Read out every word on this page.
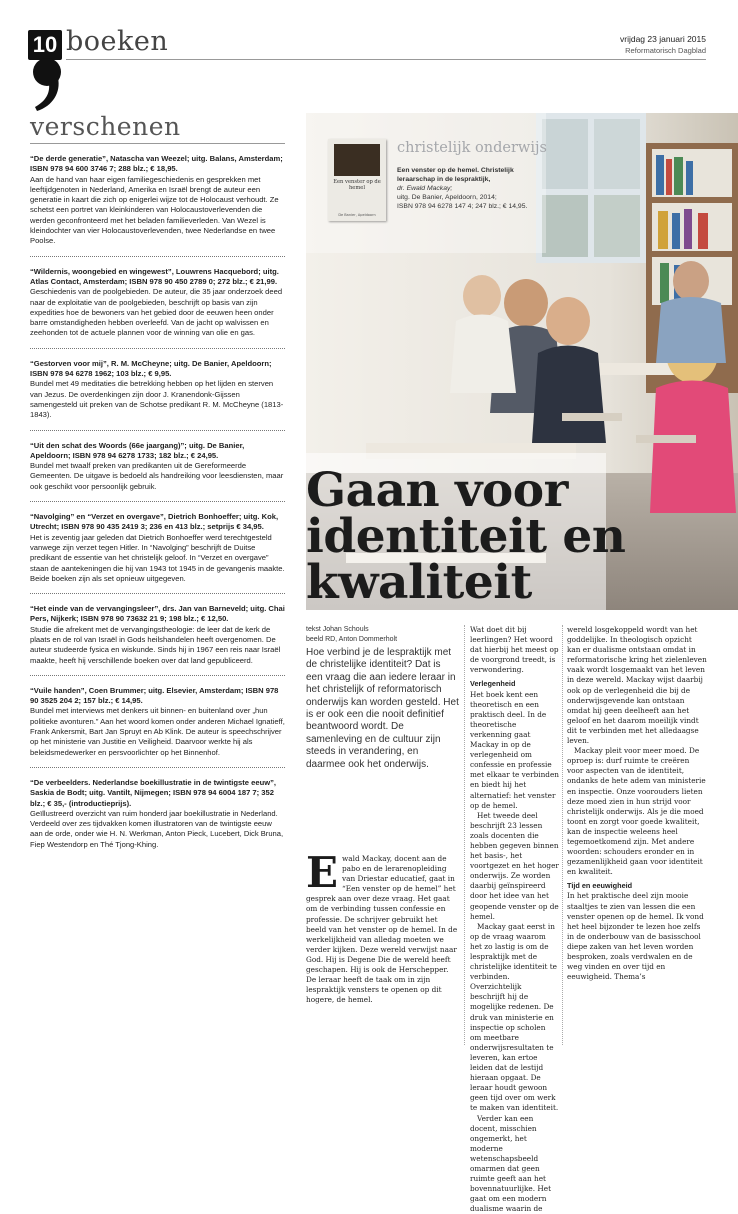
10 boeken	vrijdag 23 januari 2015
Reformatorisch Dagblad
verschenen
“De derde generatie”, Natascha van Weezel; uitg. Balans, Amsterdam; ISBN 978 94 600 3746 7; 288 blz.; € 18,95.
Aan de hand van haar eigen familiegeschiedenis en gesprekken met leeftijdgenoten in Nederland, Amerika en Israël brengt de auteur een generatie in kaart die zich op enigerlei wijze tot de Holocaust verhoudt. Ze schetst een portret van kleinkinderen van Holocaustoverlevenden die werden geconfronteerd met het beladen familieverleden. Van Wezel is kleindochter van vier Holocaustoverlevenden, twee Nederlandse en twee Poolse.
“Wildernis, woongebied en wingewest”, Louwrens Hacquebord; uitg. Atlas Contact, Amsterdam; ISBN 978 90 450 2789 0; 272 blz.; € 21,99.
Geschiedenis van de poolgebieden. De auteur, die 35 jaar onderzoek deed naar de exploitatie van de poolgebieden, beschrijft op basis van zijn expedities hoe de bewoners van het gebied door de eeuwen heen onder barre omstandigheden hebben overleefd. Van de jacht op walvissen en zeehonden tot de actuele plannen voor de winning van olie en gas.
“Gestorven voor mij”, R. M. McCheyne; uitg. De Banier, Apeldoorn; ISBN 978 94 6278 1962; 103 blz.; € 9,95.
Bundel met 49 meditaties die betrekking hebben op het lijden en sterven van Jezus. De overdenkingen zijn door J. Kranendonk-Gijssen samengesteld uit preken van de Schotse predikant R. M. McCheyne (1813-1843).
“Uit den schat des Woords (66e jaargang)”; uitg. De Banier, Apeldoorn; ISBN 978 94 6278 1733; 182 blz.; € 24,95.
Bundel met twaalf preken van predikanten uit de Gereformeerde Gemeenten. De uitgave is bedoeld als handreiking voor leesdiensten, maar ook geschikt voor persoonlijk gebruik.
“Navolging” en “Verzet en overgave”, Dietrich Bonhoeffer; uitg. Kok, Utrecht; ISBN 978 90 435 2419 3; 236 en 413 blz.; setprijs € 34,95.
Het is zeventig jaar geleden dat Dietrich Bonhoeffer werd terechtgesteld vanwege zijn verzet tegen Hitler. In “Navolging” beschrijft de Duitse predikant de essentie van het christelijk geloof. In “Verzet en overgave” staan de aantekeningen die hij van 1943 tot 1945 in de gevangenis maakte. Beide boeken zijn als set opnieuw uitgegeven.
“Het einde van de vervangingsleer”, drs. Jan van Barneveld; uitg. Chai Pers, Nijkerk; ISBN 978 90 73632 21 9; 198 blz.; € 12,50.
Studie die afrekent met de vervangingstheologie: de leer dat de kerk de plaats en de rol van Israël in Gods heilshandelen heeft overgenomen. De auteur studeerde fysica en wiskunde. Sinds hij in 1967 een reis naar Israël maakte, heeft hij verschillende boeken over dat land gepubliceerd.
“Vuile handen”, Coen Brummer; uitg. Elsevier, Amsterdam; ISBN 978 90 3525 204 2; 157 blz.; € 14,95.
Bundel met interviews met denkers uit binnen- en buitenland over „hun politieke avonturen.” Aan het woord komen onder anderen Michael Ignatieff, Frank Ankersmit, Bart Jan Spruyt en Ab Klink. De auteur is speechschrijver op het ministerie van Justitie en Veiligheid. Daarvoor werkte hij als beleidsmedewerker en persvoorlichter op het Binnenhof.
“De verbeelders. Nederlandse boekillustratie in de twintigste eeuw”, Saskia de Bodt; uitg. Vantilt, Nijmegen; ISBN 978 94 6004 187 7; 352 blz.; € 35,- (introductieprijs).
Geïllustreerd overzicht van ruim honderd jaar boekillustratie in Nederland. Verdeeld over zes tijdvakken komen illustratoren van de twintigste eeuw aan de orde, onder wie H. N. Werkman, Anton Pieck, Lucebert, Dick Bruna, Fiep Westendorp en Thé Tjong-Khing.
Een venster op de hemel
De Banier, Apeldoorn
christelijk onderwijs
Een venster op de hemel. Christelijk leraarschap in de lespraktijk,
dr. Ewald Mackay;
uitg. De Banier, Apeldoorn, 2014;
ISBN 978 94 6278 147 4; 247 blz.; € 14,95.
Gaan voor
identiteit en
kwaliteit
tekst Johan Schouls
beeld RD, Anton Dommerholt
Hoe verbind je de lespraktijk met de christelijke identiteit? Dat is een vraag die aan iedere leraar in het christelijk of reformatorisch onderwijs kan worden gesteld. Het is er ook een die nooit definitief beantwoord wordt. De samenleving en de cultuur zijn steeds in verandering, en daarmee ook het onderwijs.

Ewald Mackay, docent aan de pabo en de lerarenopleiding van Driestar educatief, gaat in “Een venster op de hemel” het gesprek aan over deze vraag. Het gaat om de verbinding tussen confessie en professie. De schrijver gebruikt het beeld van het venster op de hemel. In de werkelijkheid van alledag moeten we verder kijken. Deze wereld verwijst naar God. Hij is Degene Die de wereld heeft geschapen. Hij is ook de Herschepper. De leraar heeft de taak om in zijn lespraktijk vensters te openen op dit hogere, de hemel.

Wat doet dit bij leerlingen? Het woord dat hierbij het meest op de voorgrond treedt, is verwondering.

Verlegenheid

Het boek kent een theoretisch en een praktisch deel. In de theoretische verkenning gaat Mackay in op de verlegenheid om confessie en professie met elkaar te verbinden en biedt hij het alternatief: het venster op de hemel.

Het tweede deel beschrijft 23 lessen zoals docenten die hebben gegeven binnen het basis-, het voortgezet en het hoger onderwijs. Ze worden daarbij geïnspireerd door het idee van het geopende venster op de hemel.

Mackay gaat eerst in op de vraag waarom het zo lastig is om de lespraktijk met de christelijke identiteit te verbinden. Overzichtelijk beschrijft hij de mogelijke redenen. De druk van ministerie en inspectie op scholen om meetbare onderwijsresultaten te leveren, kan ertoe leiden dat de lestijd hieraan opgaat. De leraar houdt gewoon geen tijd over om werk te maken van identiteit.

Verder kan een docent, misschien ongemerkt, het moderne wetenschapsbeeld omarmen dat geen ruimte geeft aan het bovennatuurlijke. Het gaat om een modern dualisme waarin de

wereld losgekoppeld wordt van het goddelijke. In theologisch opzicht kan er dualisme ontstaan omdat in reformatorische kring het zielenleven vaak wordt losgemaakt van het leven in deze wereld. Mackay wijst daarbij ook op de verlegenheid die bij de onderwijsgevende kan ontstaan omdat hij geen deelheeft aan het geloof en het daarom moeilijk vindt dit te verbinden met het alledaagse leven.

Mackay pleit voor meer moed. De oproep is: durf ruimte te creëren voor aspecten van de identiteit, ondanks de hete adem van ministerie en inspectie. Onze voorouders lieten deze moed zien in hun strijd voor christelijk onderwijs. Als je die moed toont en zorgt voor goede kwaliteit, kan de inspectie weleens heel tegemoetkomend zijn. Met andere woorden: schouders eronder en in gezamenlijkheid gaan voor identiteit en kwaliteit.

Tijd en eeuwigheid

In het praktische deel zijn mooie staaltjes te zien van lessen die een venster openen op de hemel. Ik vond het heel bijzonder te lezen hoe zelfs in de onderbouw van de basisschool diepe zaken van het leven worden besproken, zoals verdwalen en de weg vinden en over tijd en eeuwigheid. Thema’s
